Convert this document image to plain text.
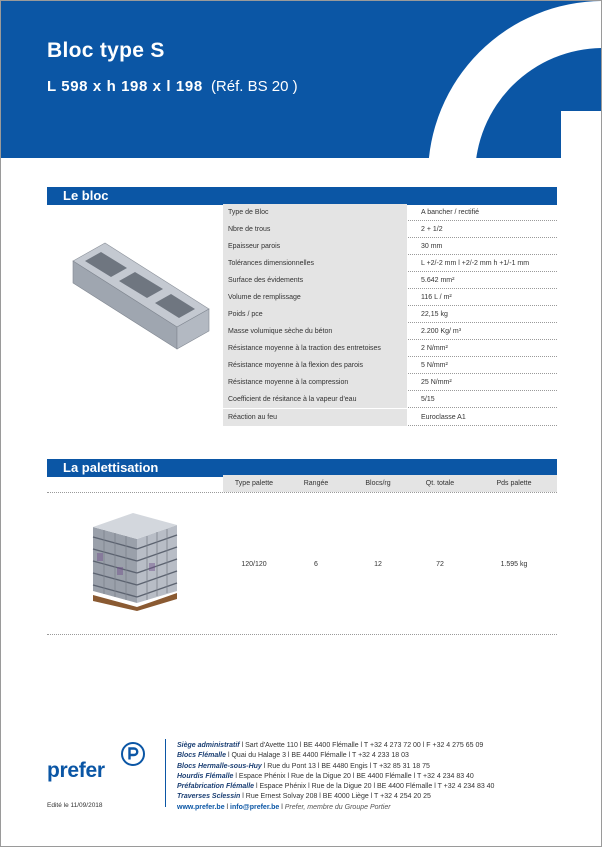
Bloc type S
L 598 x h 198 x l 198 (Réf. BS 20 )
Le bloc
Type de Bloc	A bancher / rectifié
Nbre de trous	2 + 1/2
Epaisseur parois	30 mm
Tolérances dimensionnelles	L +2/-2 mm l +2/-2 mm h +1/-1 mm
Surface des évidements	5.642 mm²
Volume de remplissage	116 L / m²
Poids / pce	22,15 kg
Masse volumique sèche du béton	2.200 Kg/ m³
Résistance moyenne à la traction des entretoises	2 N/mm²
Résistance moyenne à la flexion des parois	5 N/mm²
Résistance moyenne à la compression	25 N/mm²
Coefficient de résitance à la vapeur d'eau	5/15
Réaction au feu	Euroclasse A1
La palettisation
Type palette	Rangée	Blocs/rg	Qt. totale	Pds palette
120/120	6	12	72	1.595 kg
prefer
Edité le 11/09/2018
Siège administratif l Sart d'Avette 110 l BE 4400 Flémalle l T +32 4 273 72 00 l F +32 4 275 65 09
Blocs Flémalle l Quai du Halage 3 l BE 4400 Flémalle l T +32 4 233 18 03
Blocs Hermalle-sous-Huy l Rue du Pont 13 l BE 4480 Engis l T +32 85 31 18 75
Hourdis Flémalle l Espace Phénix l Rue de la Digue 20 l BE 4400 Flémalle l T +32 4 234 83 40
Préfabrication Flémalle l Espace Phénix l Rue de la Digue 20 l BE 4400 Flémalle l T +32 4 234 83 40
Traverses Sclessin l Rue Ernest Solvay 208 l BE 4000 Liège l T +32 4 254 20 25
www.prefer.be l info@prefer.be l Prefer, membre du Groupe Portier
